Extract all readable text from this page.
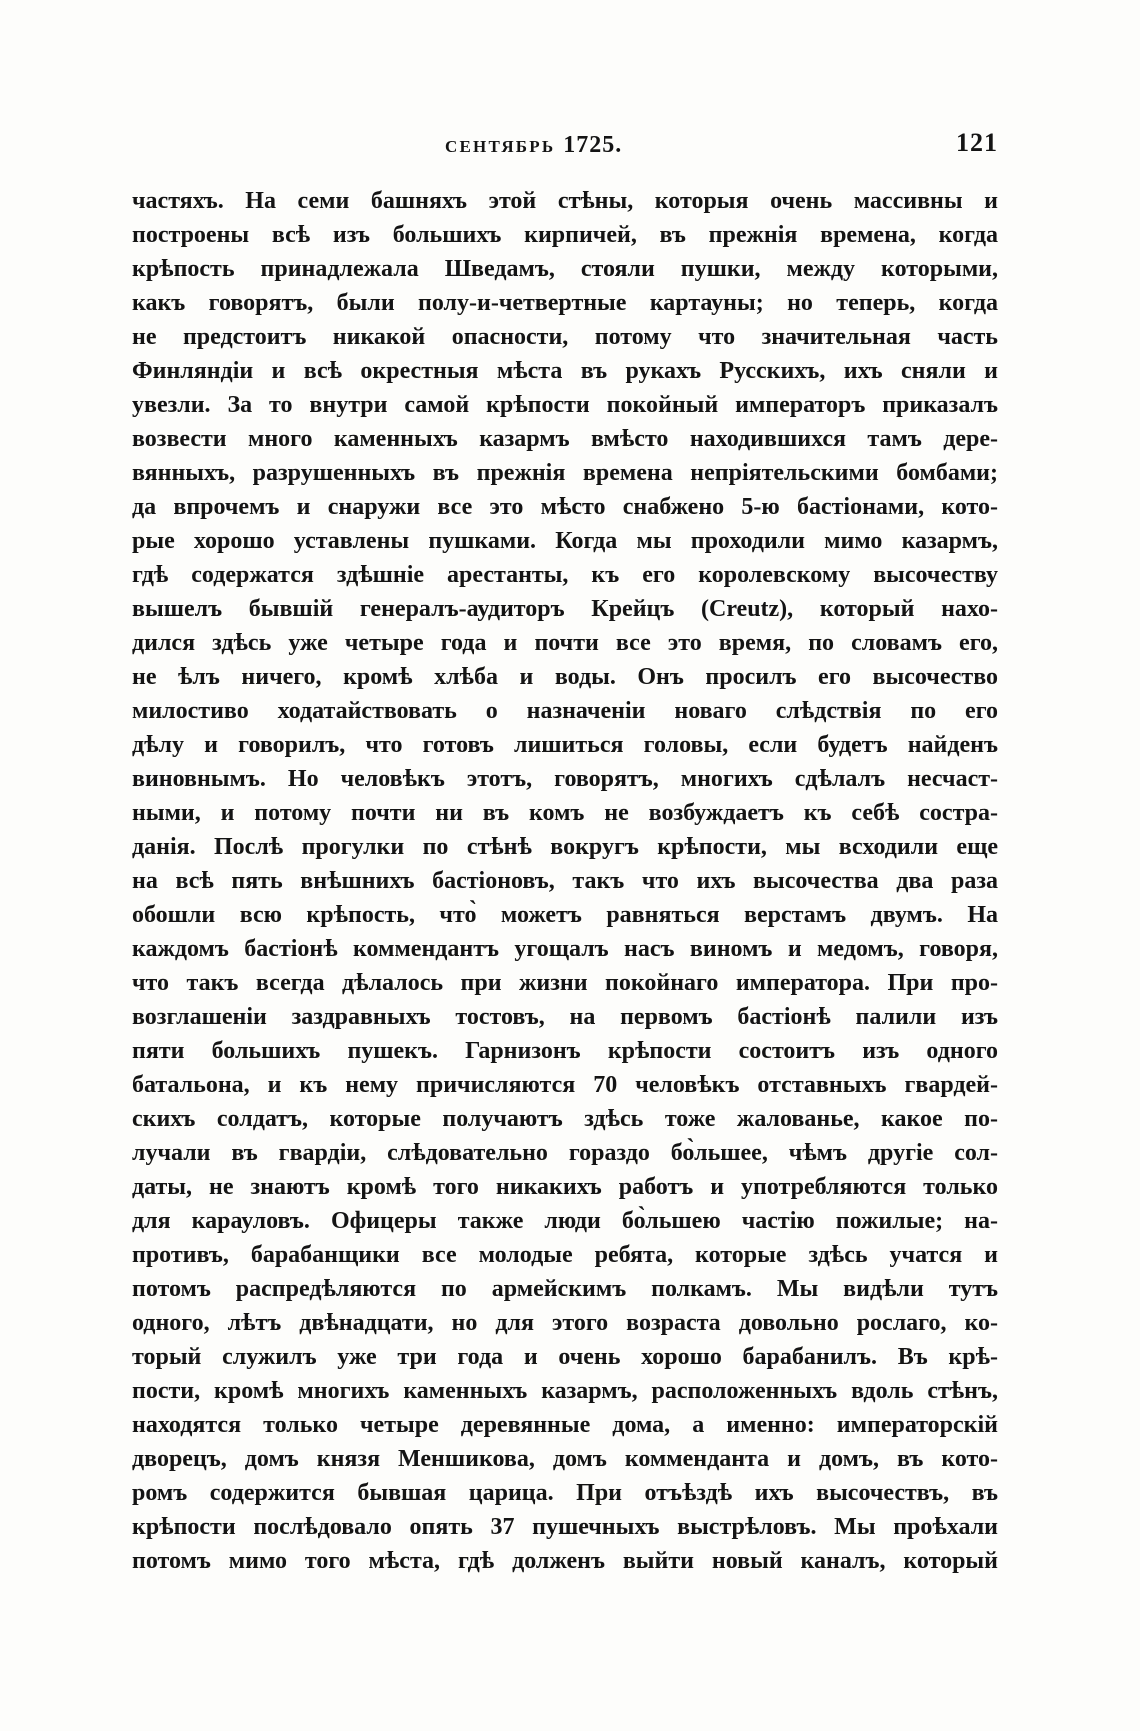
СЕНТЯБРЬ 1725.	121
частяхъ. На семи башняхъ этой стѣны, которыя очень массивны и
построены всѣ изъ большихъ кирпичей, въ прежнія времена, когда
крѣпость принадлежала Шведамъ, стояли пушки, между которыми,
какъ говорятъ, были полу-и-четвертные картауны; но теперь, когда
не предстоитъ никакой опасности, потому что значительная часть
Финляндіи и всѣ окрестныя мѣста въ рукахъ Русскихъ, ихъ сняли и
увезли. За то внутри самой крѣпости покойный императоръ приказалъ
возвести много каменныхъ казармъ вмѣсто находившихся тамъ дере-
вянныхъ, разрушенныхъ въ прежнія времена непріятельскими бомбами;
да впрочемъ и снаружи все это мѣсто снабжено 5-ю бастіонами, кото-
рые хорошо уставлены пушками. Когда мы проходили мимо казармъ,
гдѣ содержатся здѣшніе арестанты, къ его королевскому высочеству
вышелъ бывшій генералъ-аудиторъ Крейцъ (Creutz), который нахо-
дился здѣсь уже четыре года и почти все это время, по словамъ его,
не ѣлъ ничего, кромѣ хлѣба и воды. Онъ просилъ его высочество
милостиво ходатайствовать о назначеніи новаго слѣдствія по его
дѣлу и говорилъ, что готовъ лишиться головы, если будетъ найденъ
виновнымъ. Но человѣкъ этотъ, говорятъ, многихъ сдѣлалъ несчаст-
ными, и потому почти ни въ комъ не возбуждаетъ къ себѣ состра-
данія. Послѣ прогулки по стѣнѣ вокругъ крѣпости, мы всходили еще
на всѣ пять внѣшнихъ бастіоновъ, такъ что ихъ высочества два раза
обошли всю крѣпость, что̀ можетъ равняться верстамъ двумъ. На
каждомъ бастіонѣ коммендантъ угощалъ насъ виномъ и медомъ, говоря,
что такъ всегда дѣлалось при жизни покойнаго императора. При про-
возглашеніи заздравныхъ тостовъ, на первомъ бастіонѣ палили изъ
пяти большихъ пушекъ. Гарнизонъ крѣпости состоитъ изъ одного
батальона, и къ нему причисляются 70 человѣкъ отставныхъ гвардей-
скихъ солдатъ, которые получаютъ здѣсь тоже жалованье, какое по-
лучали въ гвардіи, слѣдовательно гораздо бо̀льшее, чѣмъ другіе сол-
даты, не знаютъ кромѣ того никакихъ работъ и употребляются только
для карауловъ. Офицеры также люди бо̀льшею частію пожилые; на-
противъ, барабанщики все молодые ребята, которые здѣсь учатся и
потомъ распредѣляются по армейскимъ полкамъ. Мы видѣли тутъ
одного, лѣтъ двѣнадцати, но для этого возраста довольно рослаго, ко-
торый служилъ уже три года и очень хорошо барабанилъ. Въ крѣ-
пости, кромѣ многихъ каменныхъ казармъ, расположенныхъ вдоль стѣнъ,
находятся только четыре деревянные дома, а именно: императорскій
дворецъ, домъ князя Меншикова, домъ комменданта и домъ, въ кото-
ромъ содержится бывшая царица. При отъѣздѣ ихъ высочествъ, въ
крѣпости послѣдовало опять 37 пушечныхъ выстрѣловъ. Мы проѣхали
потомъ мимо того мѣста, гдѣ долженъ выйти новый каналъ, который
